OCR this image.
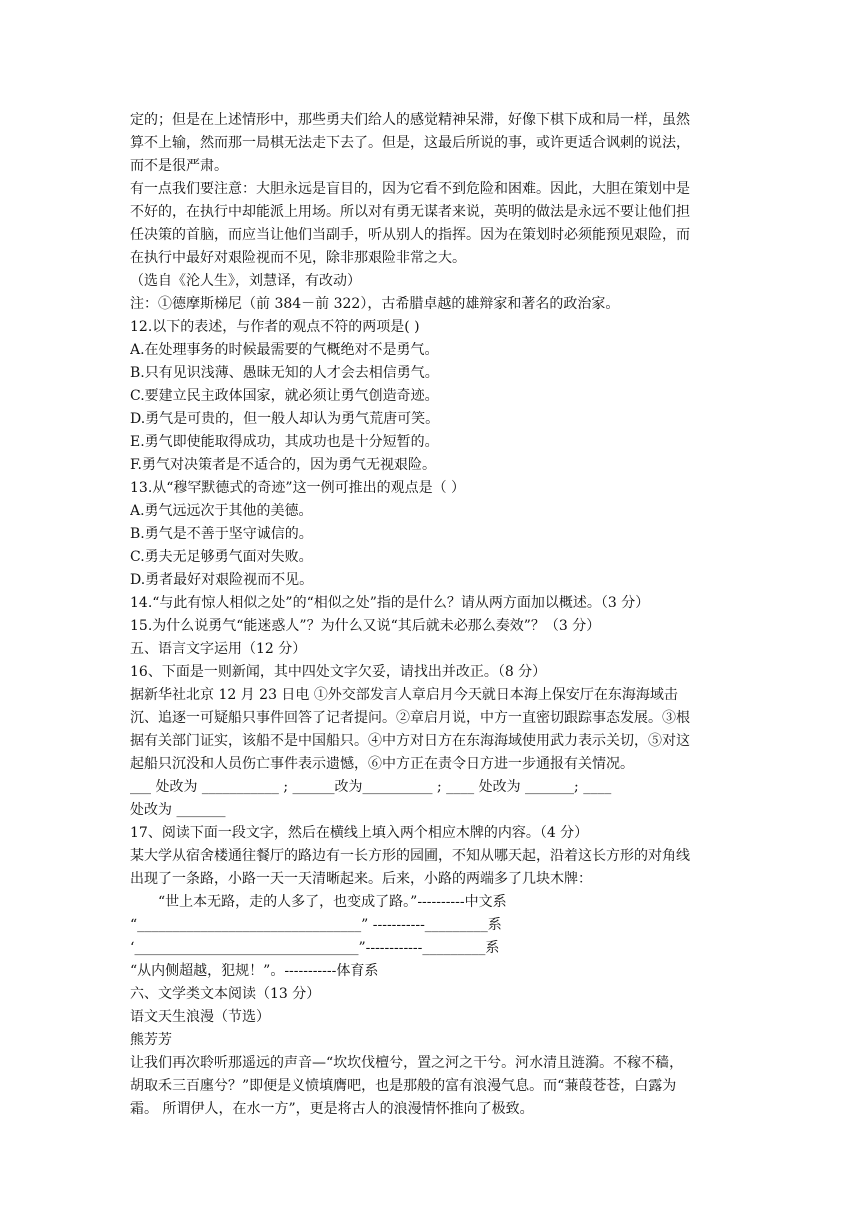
定的；但是在上述情形中，那些勇夫们给人的感觉精神呆滞，好像下棋下成和局一样，虽然
算不上输，然而那一局棋无法走下去了。但是，这最后所说的事，或许更适合讽刺的说法，
而不是很严肃。
有一点我们要注意：大胆永远是盲目的，因为它看不到危险和困难。因此，大胆在策划中是
不好的，在执行中却能派上用场。所以对有勇无谋者来说，英明的做法是永远不要让他们担
任决策的首脑，而应当让他们当副手，听从别人的指挥。因为在策划时必须能预见艰险，而
在执行中最好对艰险视而不见，除非那艰险非常之大。
（选自《沦人生》，刘慧译，有改动）
注：①德摩斯梯尼（前 384－前 322），古希腊卓越的雄辩家和著名的政治家。
12.以下的表述，与作者的观点不符的两项是( )
A.在处理事务的时候最需要的气概绝对不是勇气。
B.只有见识浅薄、愚昧无知的人才会去相信勇气。
C.要建立民主政体国家，就必须让勇气创造奇迹。
D.勇气是可贵的，但一般人却认为勇气荒唐可笑。
E.勇气即使能取得成功，其成功也是十分短暂的。
F.勇气对决策者是不适合的，因为勇气无视艰险。
13.从“穆罕默德式的奇迹”这一例可推出的观点是（ ）
A.勇气远远次于其他的美德。
B.勇气是不善于坚守诚信的。
C.勇夫无足够勇气面对失败。
D.勇者最好对艰险视而不见。
14.“与此有惊人相似之处”的“相似之处”指的是什么？请从两方面加以概述。（3 分）
15.为什么说勇气“能迷惑人”？为什么又说“其后就未必那么奏效”？（3 分）
五、语言文字运用（12 分）
16、下面是一则新闻，其中四处文字欠妥，请找出并改正。（8 分）
据新华社北京 12 月 23 日电 ①外交部发言人章启月今天就日本海上保安厅在东海海域击
沉、追逐一可疑船只事件回答了记者提问。②章启月说，中方一直密切跟踪事态发展。③根
据有关部门证实，该船不是中国船只。④中方对日方在东海海域使用武力表示关切，⑤对这
起船只沉没和人员伤亡事件表示遗憾，⑥中方正在责令日方进一步通报有关情况。
___ 处改为 ___________ ; ______改为__________ ; ____ 处改为 _______; ____
处改为 _______
17、阅读下面一段文字，然后在横线上填入两个相应木牌的内容。（4 分）
某大学从宿舍楼通往餐厅的路边有一长方形的园圃，不知从哪天起，沿着这长方形的对角线
出现了一条路，小路一天一天清晰起来。后来，小路的两端多了几块木牌：
“世上本无路，走的人多了，也变成了路。”----------中文系
“________________________________” -----------_________系
‘________________________________”------------_________系
“从内侧超越，犯规！”。-----------体育系
六、文学类文本阅读（13 分）
语文天生浪漫（节选）
熊芳芳
让我们再次聆听那遥远的声音—“坎坎伐檀兮，置之河之干兮。河水清且涟漪。不稼不穑，
胡取禾三百廛兮？”即便是义愤填膺吧，也是那般的富有浪漫气息。而“蒹葭苍苍，白露为
霜。 所谓伊人，在水一方”，更是将古人的浪漫情怀推向了极致。
